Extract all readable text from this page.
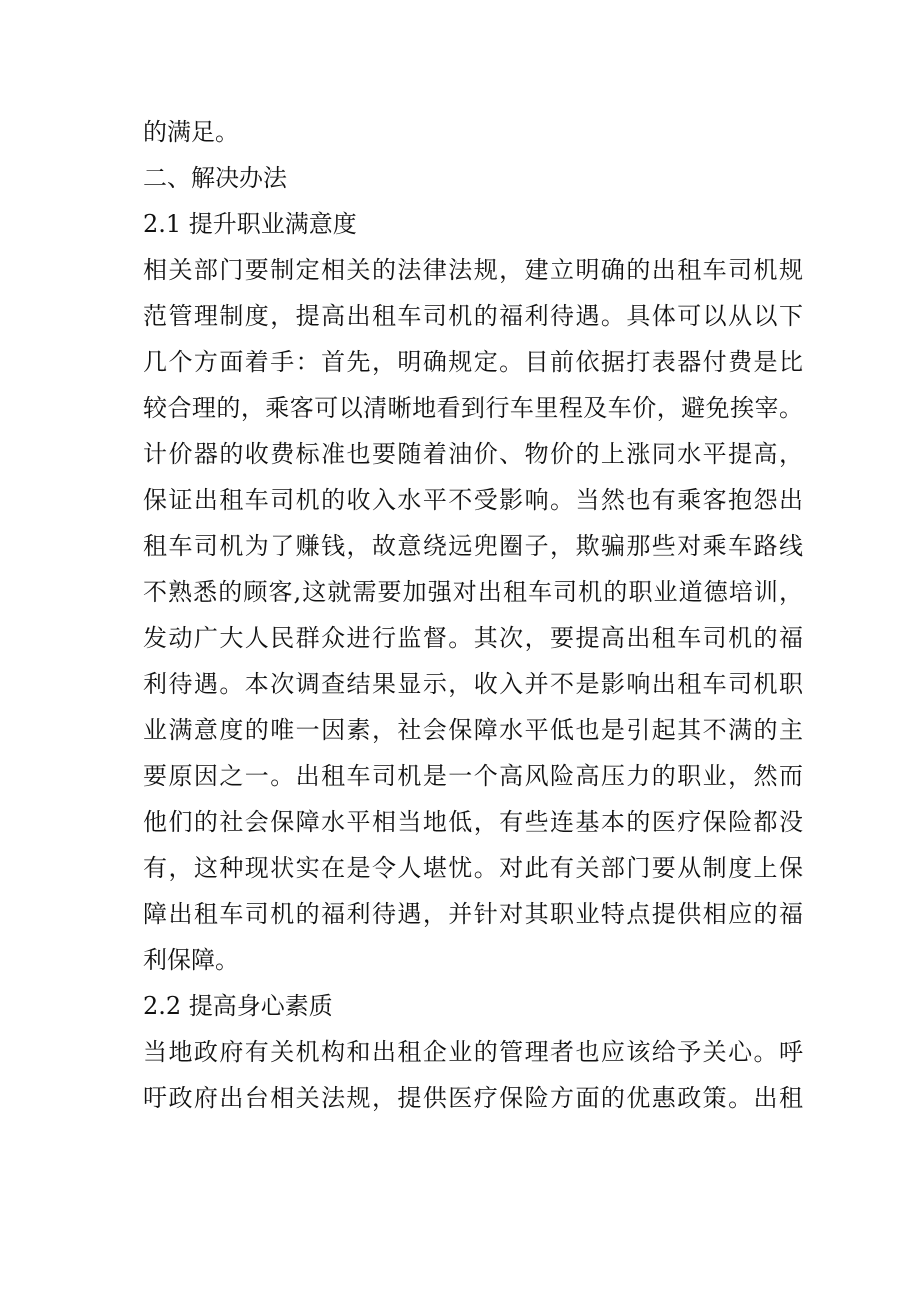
的满足。
二、解决办法
2.1 提升职业满意度
相关部门要制定相关的法律法规，建立明确的出租车司机规
范管理制度，提高出租车司机的福利待遇。具体可以从以下
几个方面着手：首先，明确规定。目前依据打表器付费是比
较合理的，乘客可以清晰地看到行车里程及车价，避免挨宰。
计价器的收费标准也要随着油价、物价的上涨同水平提高，
保证出租车司机的收入水平不受影响。当然也有乘客抱怨出
租车司机为了赚钱，故意绕远兜圈子，欺骗那些对乘车路线
不熟悉的顾客,这就需要加强对出租车司机的职业道德培训，
发动广大人民群众进行监督。其次，要提高出租车司机的福
利待遇。本次调查结果显示，收入并不是影响出租车司机职
业满意度的唯一因素，社会保障水平低也是引起其不满的主
要原因之一。出租车司机是一个高风险高压力的职业，然而
他们的社会保障水平相当地低，有些连基本的医疗保险都没
有，这种现状实在是令人堪忧。对此有关部门要从制度上保
障出租车司机的福利待遇，并针对其职业特点提供相应的福
利保障。
2.2 提高身心素质
当地政府有关机构和出租企业的管理者也应该给予关心。呼
吁政府出台相关法规，提供医疗保险方面的优惠政策。出租
